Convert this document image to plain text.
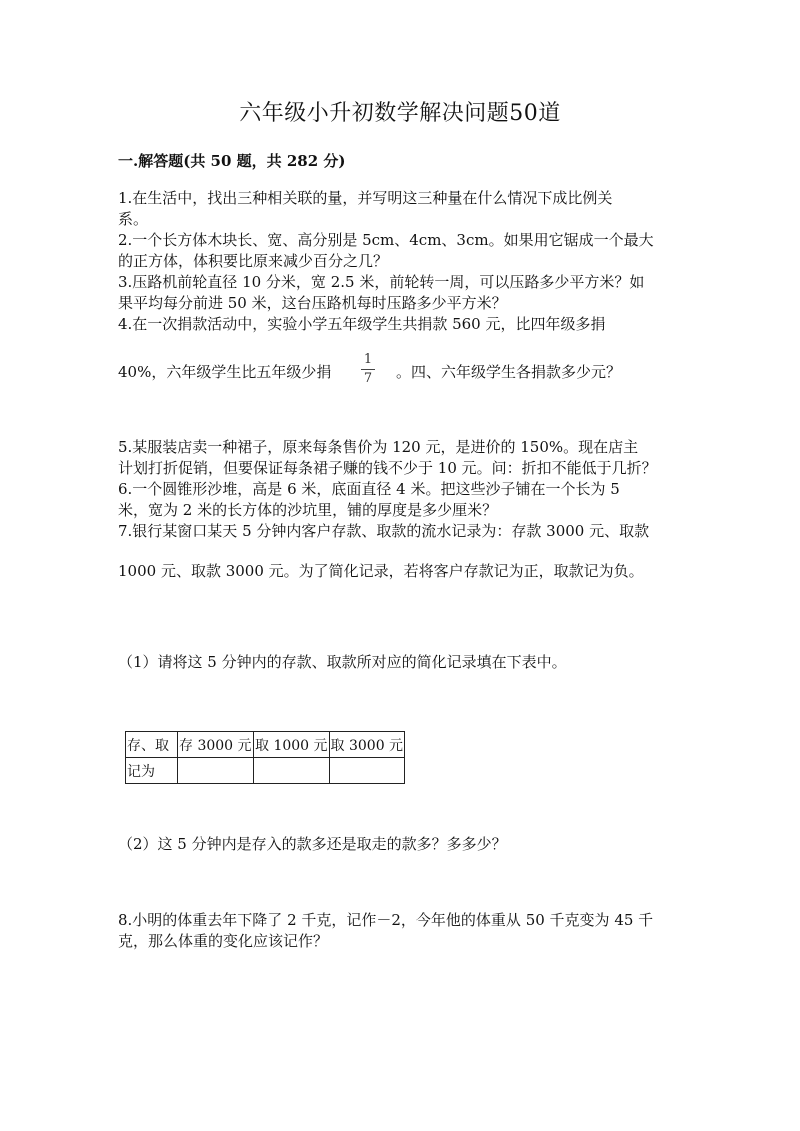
六年级小升初数学解决问题50道
一.解答题(共 50 题，共 282 分)
1.在生活中，找出三种相关联的量，并写明这三种量在什么情况下成比例关
系。
2.一个长方体木块长、宽、高分别是 5cm、4cm、3cm。如果用它锯成一个最大
的正方体，体积要比原来减少百分之几？
3.压路机前轮直径 10 分米，宽 2.5 米，前轮转一周，可以压路多少平方米？如
果平均每分前进 50 米，这台压路机每时压路多少平方米？
4.在一次捐款活动中，实验小学五年级学生共捐款 560 元，比四年级多捐
40%，六年级学生比五年级少捐
1
7	。四、六年级学生各捐款多少元？
5.某服装店卖一种裙子，原来每条售价为 120 元，是进价的 150%。现在店主
计划打折促销，但要保证每条裙子赚的钱不少于 10 元。问：折扣不能低于几折？
6.一个圆锥形沙堆，高是 6 米，底面直径 4 米。把这些沙子铺在一个长为 5
米，宽为 2 米的长方体的沙坑里，铺的厚度是多少厘米？
7.银行某窗口某天 5 分钟内客户存款、取款的流水记录为：存款 3000 元、取款
1000 元、取款 3000 元。为了简化记录，若将客户存款记为正，取款记为负。
（1）请将这 5 分钟内的存款、取款所对应的简化记录填在下表中。
存、取	存 3000 元	取 1000 元	取 3000 元
记为			
（2）这 5 分钟内是存入的款多还是取走的款多？多多少？
8.小明的体重去年下降了 2 千克，记作－2，今年他的体重从 50 千克变为 45 千
克，那么体重的变化应该记作？
